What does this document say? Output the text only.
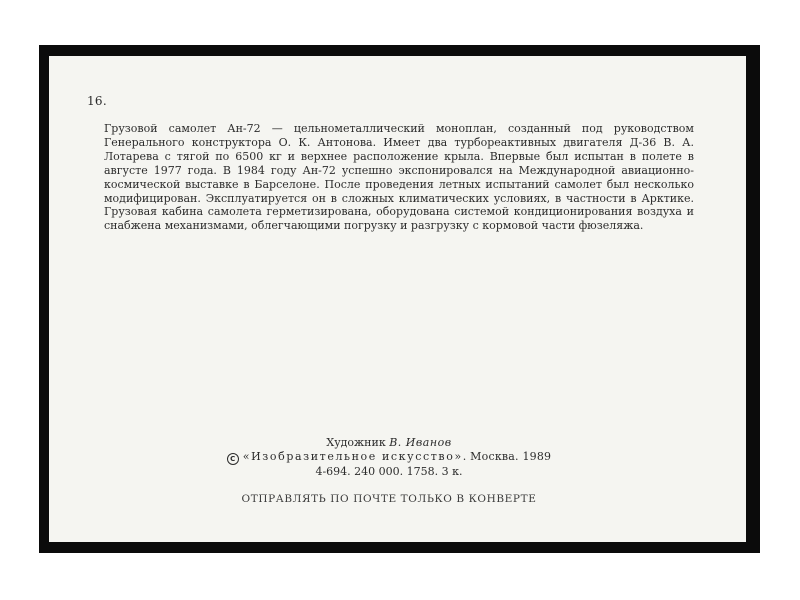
16.

Грузовой самолет Ан-72 — цельнометаллический моноплан, созданный под руководством Генерального конструктора О. К. Антонова. Имеет два турбореактивных двигателя Д-36 В. А. Лотарева с тягой по 6500 кг и верхнее расположение крыла. Впервые был испытан в полете в августе 1977 года. В 1984 году Ан-72 успешно экспонировался на Международной авиационно-космической выставке в Барселоне. После проведения летных испытаний самолет был несколько модифицирован. Эксплуатируется он в сложных климатических условиях, в частности в Арктике. Грузовая кабина самолета герметизирована, оборудована системой кондиционирования воздуха и снабжена механизмами, облегчающими погрузку и разгрузку с кормовой части фюзеляжа.

Художник В. Иванов
С «Изобразительное искусство». Москва. 1989
4-694. 240 000. 1758. 3 к.
ОТПРАВЛЯТЬ ПО ПОЧТЕ ТОЛЬКО В КОНВЕРТЕ
